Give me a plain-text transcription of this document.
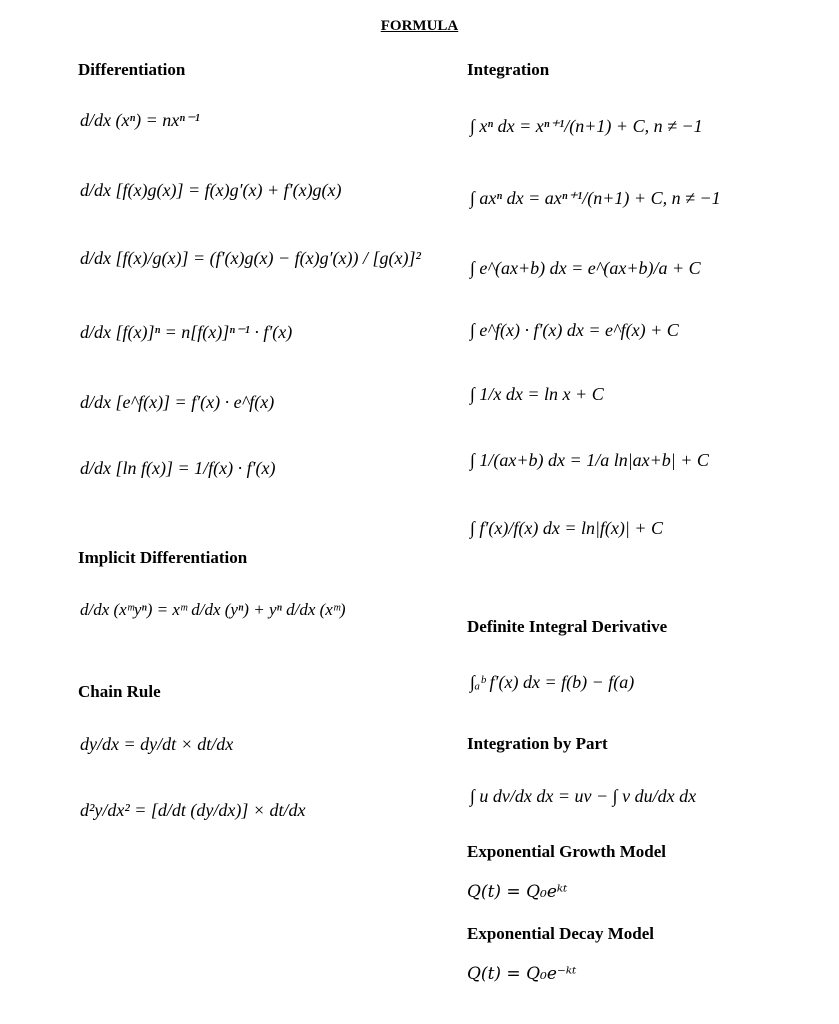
FORMULA
Differentiation
d/dx (xⁿ) = nxⁿ⁻¹
d/dx [f(x)g(x)] = f(x)g′(x) + f′(x)g(x)
d/dx [f(x)/g(x)] = (f′(x)g(x) − f(x)g′(x)) / [g(x)]²
d/dx [f(x)]ⁿ = n[f(x)]ⁿ⁻¹ · f′(x)
d/dx [e^f(x)] = f′(x) · e^f(x)
d/dx [ln f(x)] = 1/f(x) · f′(x)
Implicit Differentiation
d/dx (xᵐyⁿ) = xᵐ d/dx (yⁿ) + yⁿ d/dx (xᵐ)
Chain Rule
dy/dx = dy/dt × dt/dx
d²y/dx² = [d/dt (dy/dx)] × dt/dx
Integration
∫ xⁿ dx = xⁿ⁺¹/(n+1) + C, n ≠ −1
∫ axⁿ dx = axⁿ⁺¹/(n+1) + C, n ≠ −1
∫ e^(ax+b) dx = e^(ax+b)/a + C
∫ e^f(x) · f′(x) dx = e^f(x) + C
∫ 1/x dx = ln x + C
∫ 1/(ax+b) dx = 1/a ln|ax+b| + C
∫ f′(x)/f(x) dx = ln|f(x)| + C
Definite Integral Derivative
∫ₐᵇ f′(x) dx = f(b) − f(a)
Integration by Part
∫ u dv/dx dx = uv − ∫ v du/dx dx
Exponential Growth Model
Q(t) = Q₀eᵏᵗ
Exponential Decay Model
Q(t) = Q₀e⁻ᵏᵗ
